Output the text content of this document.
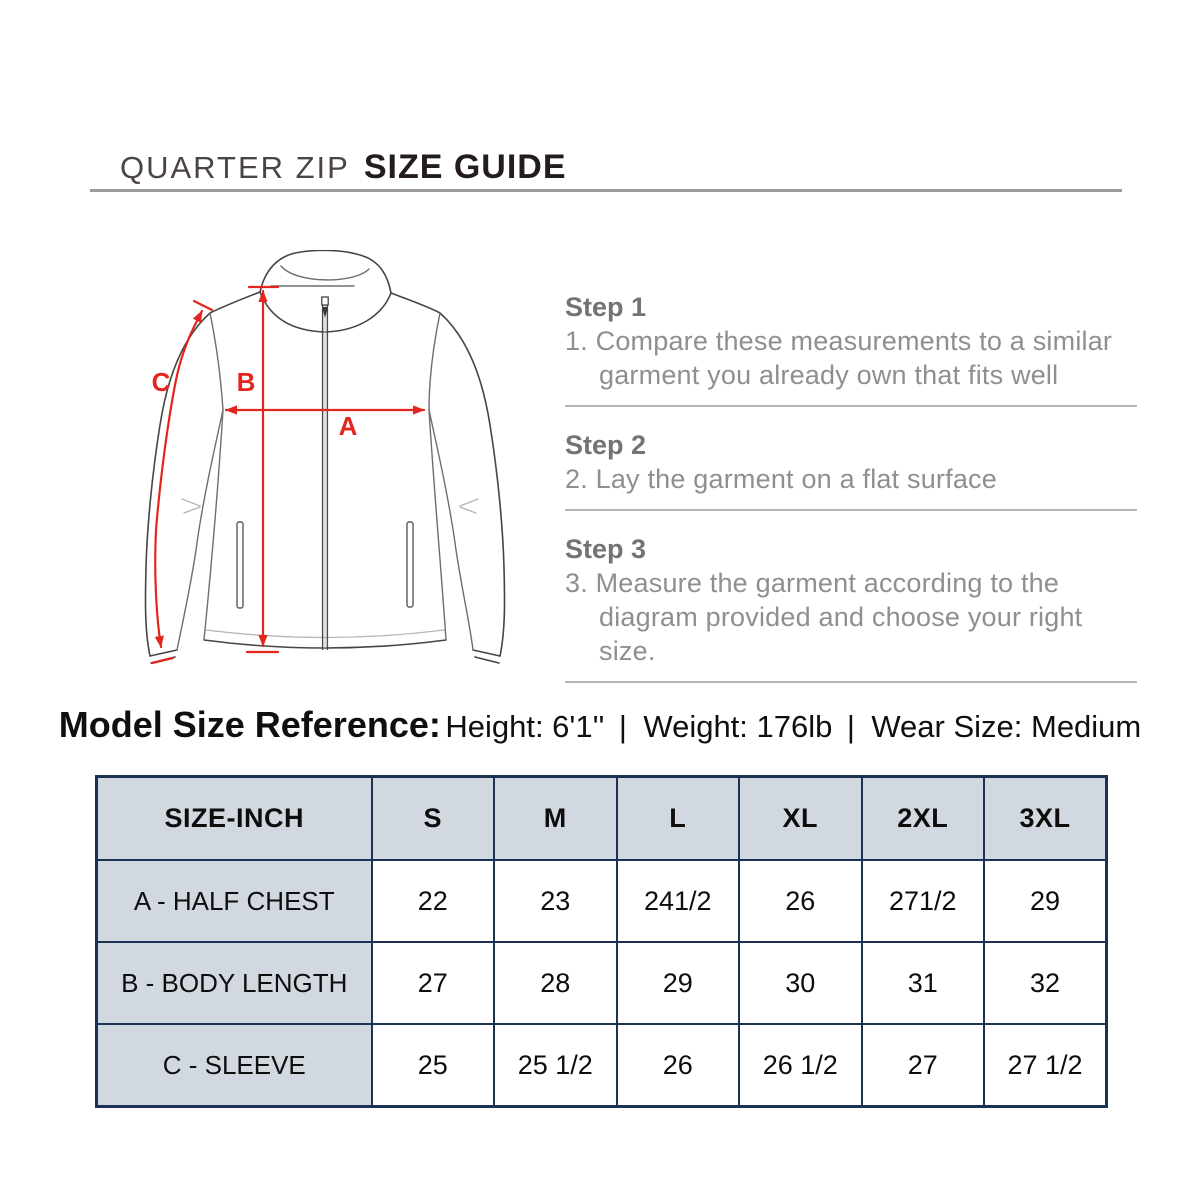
QUARTER ZIP SIZE GUIDE
A
B
C
Step 1
1. Compare these measurements to a similar
garment you already own that fits well
Step 2
2. Lay the garment on a flat surface
Step 3
3. Measure the garment according to the
diagram provided and choose your right size.
Model Size Reference: Height: 6'1'' | Weight: 176lb | Wear Size: Medium
SIZE-INCH	S	M	L	XL	2XL	3XL
A - HALF CHEST	22	23	241/2	26	271/2	29
B - BODY LENGTH	27	28	29	30	31	32
C - SLEEVE	25	25 1/2	26	26 1/2	27	27 1/2
